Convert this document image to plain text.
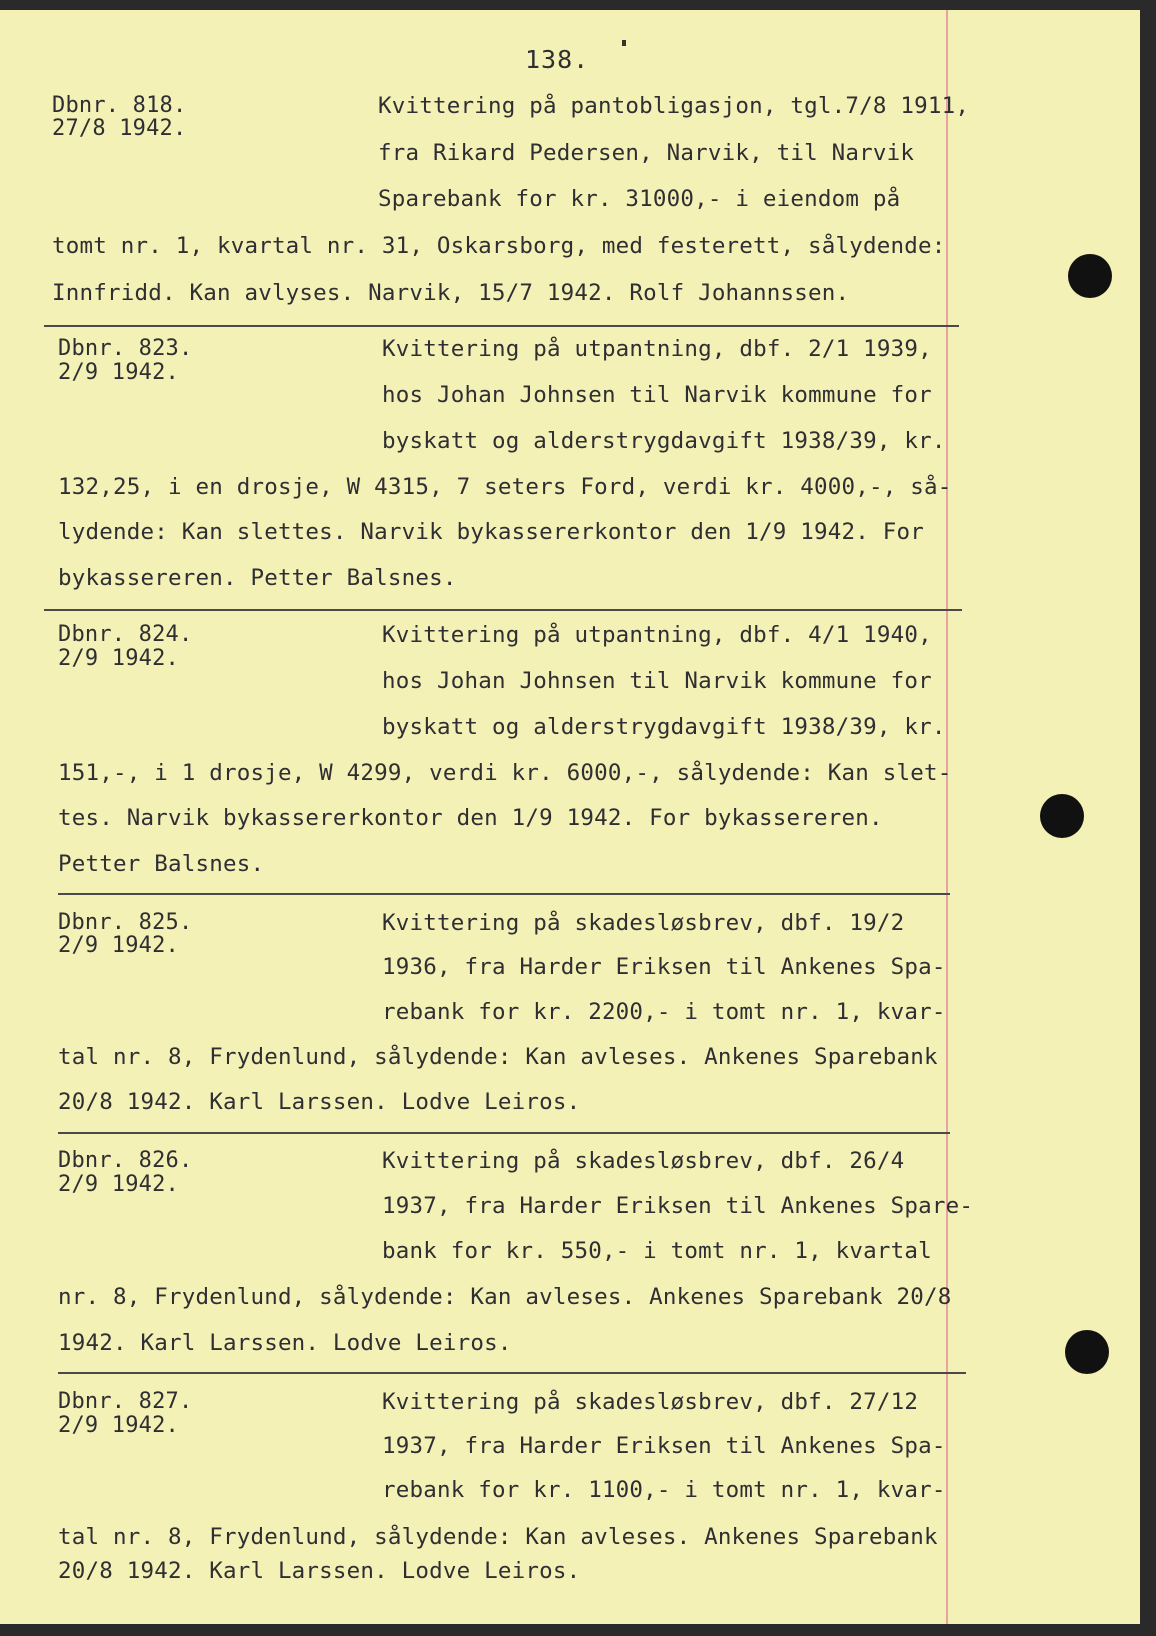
138.
Dbnr. 818.
27/8 1942.
Kvittering på pantobligasjon, tgl.7/8 1911,
fra Rikard Pedersen, Narvik, til Narvik
Sparebank for kr. 31000,- i eiendom på
tomt nr. 1, kvartal nr. 31, Oskarsborg, med festerett, sålydende:
Innfridd. Kan avlyses. Narvik, 15/7 1942. Rolf Johannssen.
Dbnr. 823.
2/9 1942.
Kvittering på utpantning, dbf. 2/1 1939,
hos Johan Johnsen til Narvik kommune for
byskatt og alderstrygdavgift 1938/39, kr.
132,25, i en drosje, W 4315, 7 seters Ford, verdi kr. 4000,-, så-
lydende: Kan slettes. Narvik bykassererkontor den 1/9 1942. For
bykassereren. Petter Balsnes.
Dbnr. 824.
2/9 1942.
Kvittering på utpantning, dbf. 4/1 1940,
hos Johan Johnsen til Narvik kommune for
byskatt og alderstrygdavgift 1938/39, kr.
151,-, i 1 drosje, W 4299, verdi kr. 6000,-, sålydende: Kan slet-
tes. Narvik bykassererkontor den 1/9 1942. For bykassereren.
Petter Balsnes.
Dbnr. 825.
2/9 1942.
Kvittering på skadesløsbrev, dbf. 19/2
1936, fra Harder Eriksen til Ankenes Spa-
rebank for kr. 2200,- i tomt nr. 1, kvar-
tal nr. 8, Frydenlund, sålydende: Kan avleses. Ankenes Sparebank
20/8 1942. Karl Larssen. Lodve Leiros.
Dbnr. 826.
2/9 1942.
Kvittering på skadesløsbrev, dbf. 26/4
1937, fra Harder Eriksen til Ankenes Spare-
bank for kr. 550,- i tomt nr. 1, kvartal
nr. 8, Frydenlund, sålydende: Kan avleses. Ankenes Sparebank 20/8
1942. Karl Larssen. Lodve Leiros.
Dbnr. 827.
2/9 1942.
Kvittering på skadesløsbrev, dbf. 27/12
1937, fra Harder Eriksen til Ankenes Spa-
rebank for kr. 1100,- i tomt nr. 1, kvar-
tal nr. 8, Frydenlund, sålydende: Kan avleses. Ankenes Sparebank
20/8 1942. Karl Larssen. Lodve Leiros.
